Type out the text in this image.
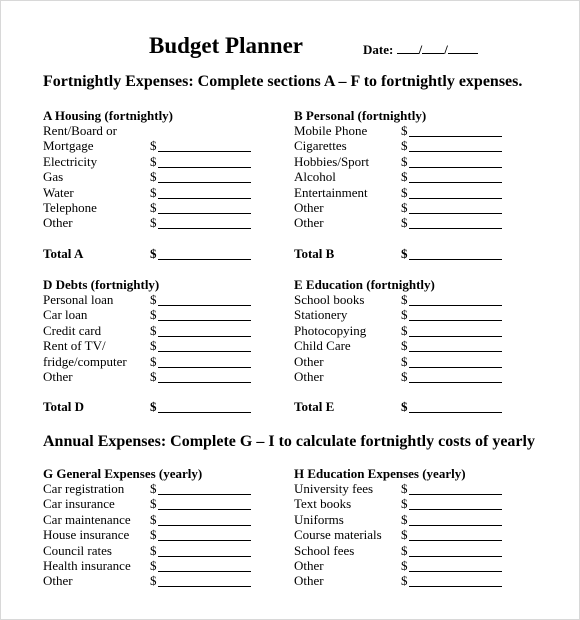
Budget Planner	Date: / /
Fortnightly Expenses: Complete sections A – F to fortnightly expenses.
Annual Expenses: Complete G – I to calculate fortnightly costs of yearly
A Housing (fortnightly)
Rent/Board or
Mortgage	$
Electricity	$
Gas	$
Water	$
Telephone	$
Other	$
Total A	$
B Personal (fortnightly)
Mobile Phone	$
Cigarettes	$
Hobbies/Sport $
Alcohol	$
Entertainment	$
Other	$
Other	$
Total B	$
D Debts (fortnightly)
Personal loan	$
Car loan	$
Credit card	$
Rent of TV/	$
fridge/computer $
Other	$
Total D	$
E Education (fortnightly)
School books	$
Stationery	$
Photocopying	$
Child Care	$
Other	$
Other	$
Total E	$
G General Expenses (yearly)
Car registration $
Car insurance	$
Car maintenance $
House insurance $
Council rates	$
Health insurance $
Other	$
H Education Expenses (yearly)
University fees $
Text books	$
Uniforms	$
Course materials $
School fees	$
Other	$
Other	$
